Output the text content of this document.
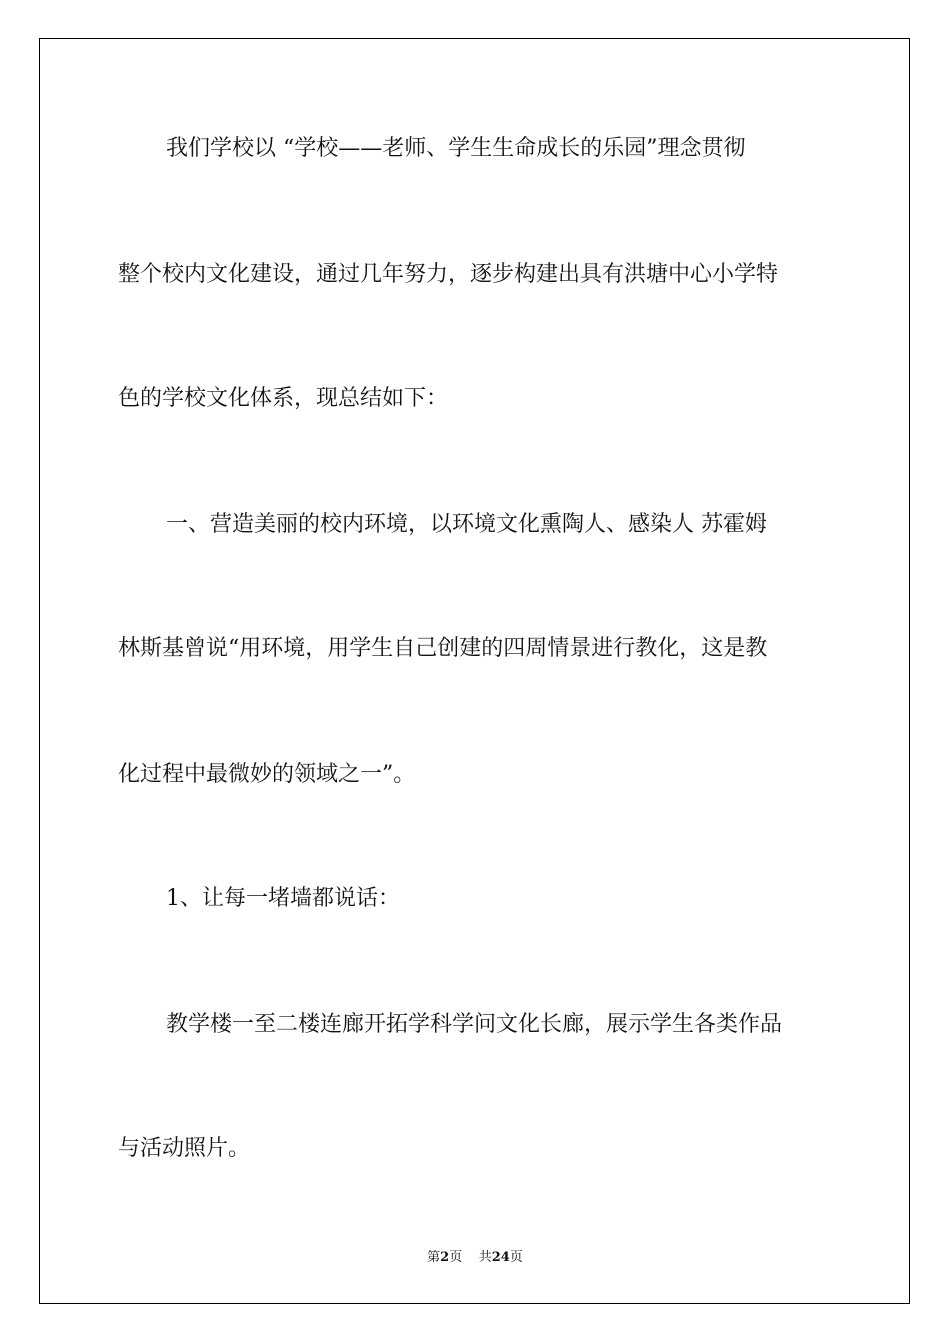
我们学校以 “学校——老师、学生生命成长的乐园”理念贯彻
整个校内文化建设，通过几年努力，逐步构建出具有洪塘中心小学特
色的学校文化体系，现总结如下：
一、营造美丽的校内环境，以环境文化熏陶人、感染人 苏霍姆
林斯基曾说“用环境，用学生自己创建的四周情景进行教化，这是教
化过程中最微妙的领域之一”。
1、让每一堵墙都说话：
教学楼一至二楼连廊开拓学科学问文化长廊，展示学生各类作品
与活动照片。
第2页 共24页
